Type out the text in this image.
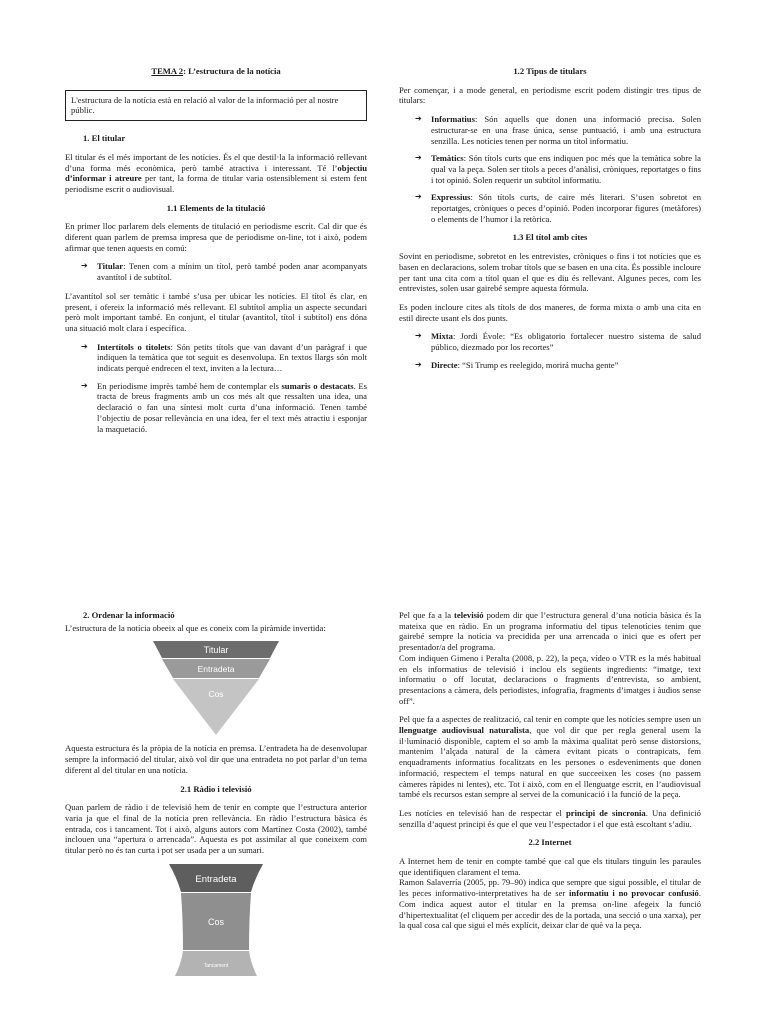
TEMA 2: L’estructura de la notícia
L'estructura de la notícia està en relació al valor de la informació per al nostre públic.
1. El titular

El titular és el més important de les notícies. És el que destil·la la informació rellevant d’una forma més econòmica, però també atractiva i interessant. Té l’objectiu d’informar i atreure per tant, la forma de titular varia ostensiblement si estem fent periodisme escrit o audiovisual.

1.1 Elements de la titulació

En primer lloc parlarem dels elements de titulació en periodisme escrit. Cal dir que és diferent quan parlem de premsa impresa que de periodisme on-line, tot i això, podem afirmar que tenen aquests en comú:

➔ Titular: Tenen com a mínim un títol, però també poden anar acompanyats avantítol i de subtítol.

L’avantítol sol ser temàtic i també s’usa per ubicar les notícies. El títol és clar, en present, i ofereix la informació més rellevant. El subtítol amplia un aspecte secundari però molt important també. En conjunt, el titular (avantítol, títol i subtítol) ens dóna una situació molt clara i específica.

➔ Intertítols o titolets: Són petits títols que van davant d’un paràgraf i que indiquen la temàtica que tot seguit es desenvolupa. En textos llargs són molt indicats perquè endrecen el text, inviten a la lectura…
➔ En periodisme imprès també hem de contemplar els sumaris o destacats. Es tracta de breus fragments amb un cos més alt que ressalten una idea, una declaració o fan una síntesi molt curta d’una informació. Tenen també l’objectiu de posar rellevància en una idea, fer el text més atractiu i esponjar la maquetació.
1.2 Tipus de titulars

Per començar, i a mode general, en periodisme escrit podem distingir tres tipus de titulars:

➔ Informatius: Són aquells que donen una informació precisa. Solen estructurar-se en una frase única, sense puntuació, i amb una estructura senzilla. Les notícies tenen per norma un títol informatiu.
➔ Temàtics: Són títols curts que ens indiquen poc més que la temàtica sobre la qual va la peça. Solen ser títols a peces d’anàlisi, cròniques, reportatges o fins i tot opinió. Solen requerir un subtítol informatiu.
➔ Expressius: Són títols curts, de caire més literari. S’usen sobretot en reportatges, cròniques o peces d’opinió. Poden incorporar figures (metàfores) o elements de l’humor i la retòrica.
1.3 El títol amb cites

Sovint en periodisme, sobretot en les entrevistes, cròniques o fins i tot notícies que es basen en declaracions, solem trobar títols que se basen en una cita. És possible incloure per tant una cita com a títol quan el que es diu és rellevant. Algunes peces, com les entrevistes, solen usar gairebé sempre aquesta fórmula.

Es poden incloure cites als títols de dos maneres, de forma mixta o amb una cita en estil directe usant els dos punts.

➔ Mixta: Jordi Évole: “Es obligatorio fortalecer nuestro sistema de salud público, diezmado por los recortes”
➔ Directe: “Si Trump es reelegido, morirá mucha gente”
2. Ordenar la informació

L’estructura de la notícia obeeix al que es coneix com la piràmide invertida:

Titular
Entradeta
Cos

Aquesta estructura és la pròpia de la notícia en premsa. L’entradeta ha de desenvolupar sempre la informació del titular, això vol dir que una entradeta no pot parlar d’un tema diferent al del titular en una notícia.

2.1 Ràdio i televisió

Quan parlem de ràdio i de televisió hem de tenir en compte que l’estructura anterior varia ja que el final de la notícia pren rellevància. En ràdio l’estructura bàsica és entrada, cos i tancament. Tot i això, alguns autors com Martínez Costa (2002), també inclouen una “apertura o arrencada”. Aquesta es pot assimilar al que coneixem com titular però no és tan curta i pot ser usada per a un sumari.

Entradeta
Cos
Tancament

Pel que fa a la televisió podem dir que l’estructura general d’una notícia bàsica és la mateixa que en ràdio. En un programa informatiu del tipus telenotícies tenim que gairebé sempre la notícia va precidida per una arrencada o inici que es ofert per presentador/a del programa.

Com indiquen Gimeno i Peralta (2008, p. 22), la peça, vídeo o VTR es la més habitual en els informatius de televisió i inclou els següents ingredients: “imatge, text informatiu o off locutat, declaracions o fragments d’entrevista, so ambient, presentacions a càmera, dels periodistes, infografia, fragments d’imatges i àudios sense off”.

Pel que fa a aspectes de realització, cal tenir en compte que les notícies sempre usen un llenguatge audiovisual naturalista, que vol dir que per regla general usem la il·luminació disponible, captem el so amb la màxima qualitat però sense distorsions, mantenim l’alçada natural de la càmera evitant picats o contrapicats, fem enquadraments informatius focalitzats en les persones o esdeveniments que donen informació, respectem el temps natural en que succeeixen les coses (no passem càmeres ràpides ni lentes), etc. Tot i això, com en el llenguatge escrit, en l’audiovisual també els recursos estan sempre al servei de la comunicació i la funció de la peça.

Les notícies en televisió han de respectar el principi de sincronia. Una definició senzilla d’aquest principi és que el que veu l’espectador i el que està escoltant s’adiu.

2.2 Internet

A Internet hem de tenir en compte també que cal que els titulars tinguin les paraules que identifiquen clarament el tema.

Ramon Salaverría (2005, pp. 79–90) indica que sempre que sigui possible, el titular de les peces informativo-interpretatives ha de ser informatiu i no provocar confusió. Com indica aquest autor el titular en la premsa on-line afegeix la funció d’hipertextualitat (el cliquem per accedir des de la portada, una secció o una xarxa), per la qual cosa cal que sigui el més explícit, deixar clar de què va la peça.
